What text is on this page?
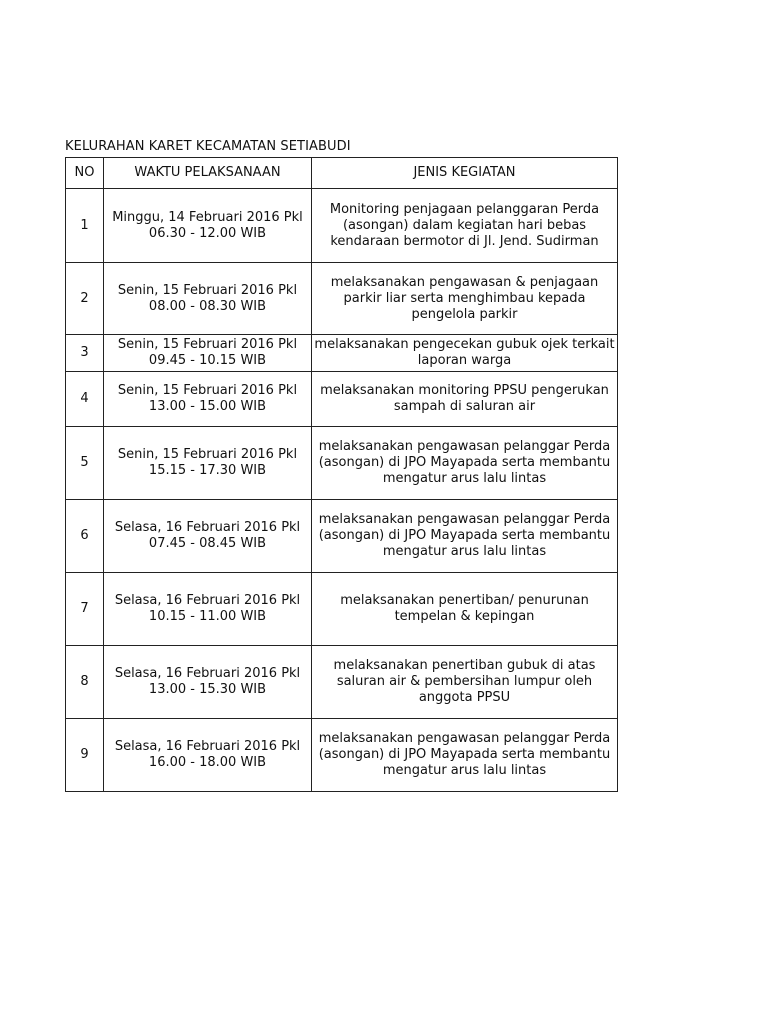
KELURAHAN KARET KECAMATAN SETIABUDI
NO	WAKTU PELAKSANAAN	JENIS KEGIATAN
1	Minggu, 14 Februari 2016 Pkl 06.30 - 12.00 WIB	Monitoring penjagaan pelanggaran Perda (asongan) dalam kegiatan hari bebas kendaraan bermotor di Jl. Jend. Sudirman
2	Senin, 15 Februari 2016 Pkl 08.00 - 08.30 WIB	melaksanakan pengawasan & penjagaan parkir liar serta menghimbau kepada pengelola parkir
3	Senin, 15 Februari 2016 Pkl 09.45 - 10.15 WIB	melaksanakan pengecekan gubuk ojek terkait laporan warga
4	Senin, 15 Februari 2016 Pkl 13.00 - 15.00 WIB	melaksanakan monitoring PPSU pengerukan sampah di saluran air
5	Senin, 15 Februari 2016 Pkl 15.15 - 17.30 WIB	melaksanakan pengawasan pelanggar Perda (asongan) di JPO Mayapada serta membantu mengatur arus lalu lintas
6	Selasa, 16 Februari 2016 Pkl 07.45 - 08.45 WIB	melaksanakan pengawasan pelanggar Perda (asongan) di JPO Mayapada serta membantu mengatur arus lalu lintas
7	Selasa, 16 Februari 2016 Pkl 10.15 - 11.00 WIB	melaksanakan penertiban/ penurunan tempelan & kepingan
8	Selasa, 16 Februari 2016 Pkl 13.00 - 15.30 WIB	melaksanakan penertiban gubuk di atas saluran air & pembersihan lumpur oleh anggota PPSU
9	Selasa, 16 Februari 2016 Pkl 16.00 - 18.00 WIB	melaksanakan pengawasan pelanggar Perda (asongan) di JPO Mayapada serta membantu mengatur arus lalu lintas
